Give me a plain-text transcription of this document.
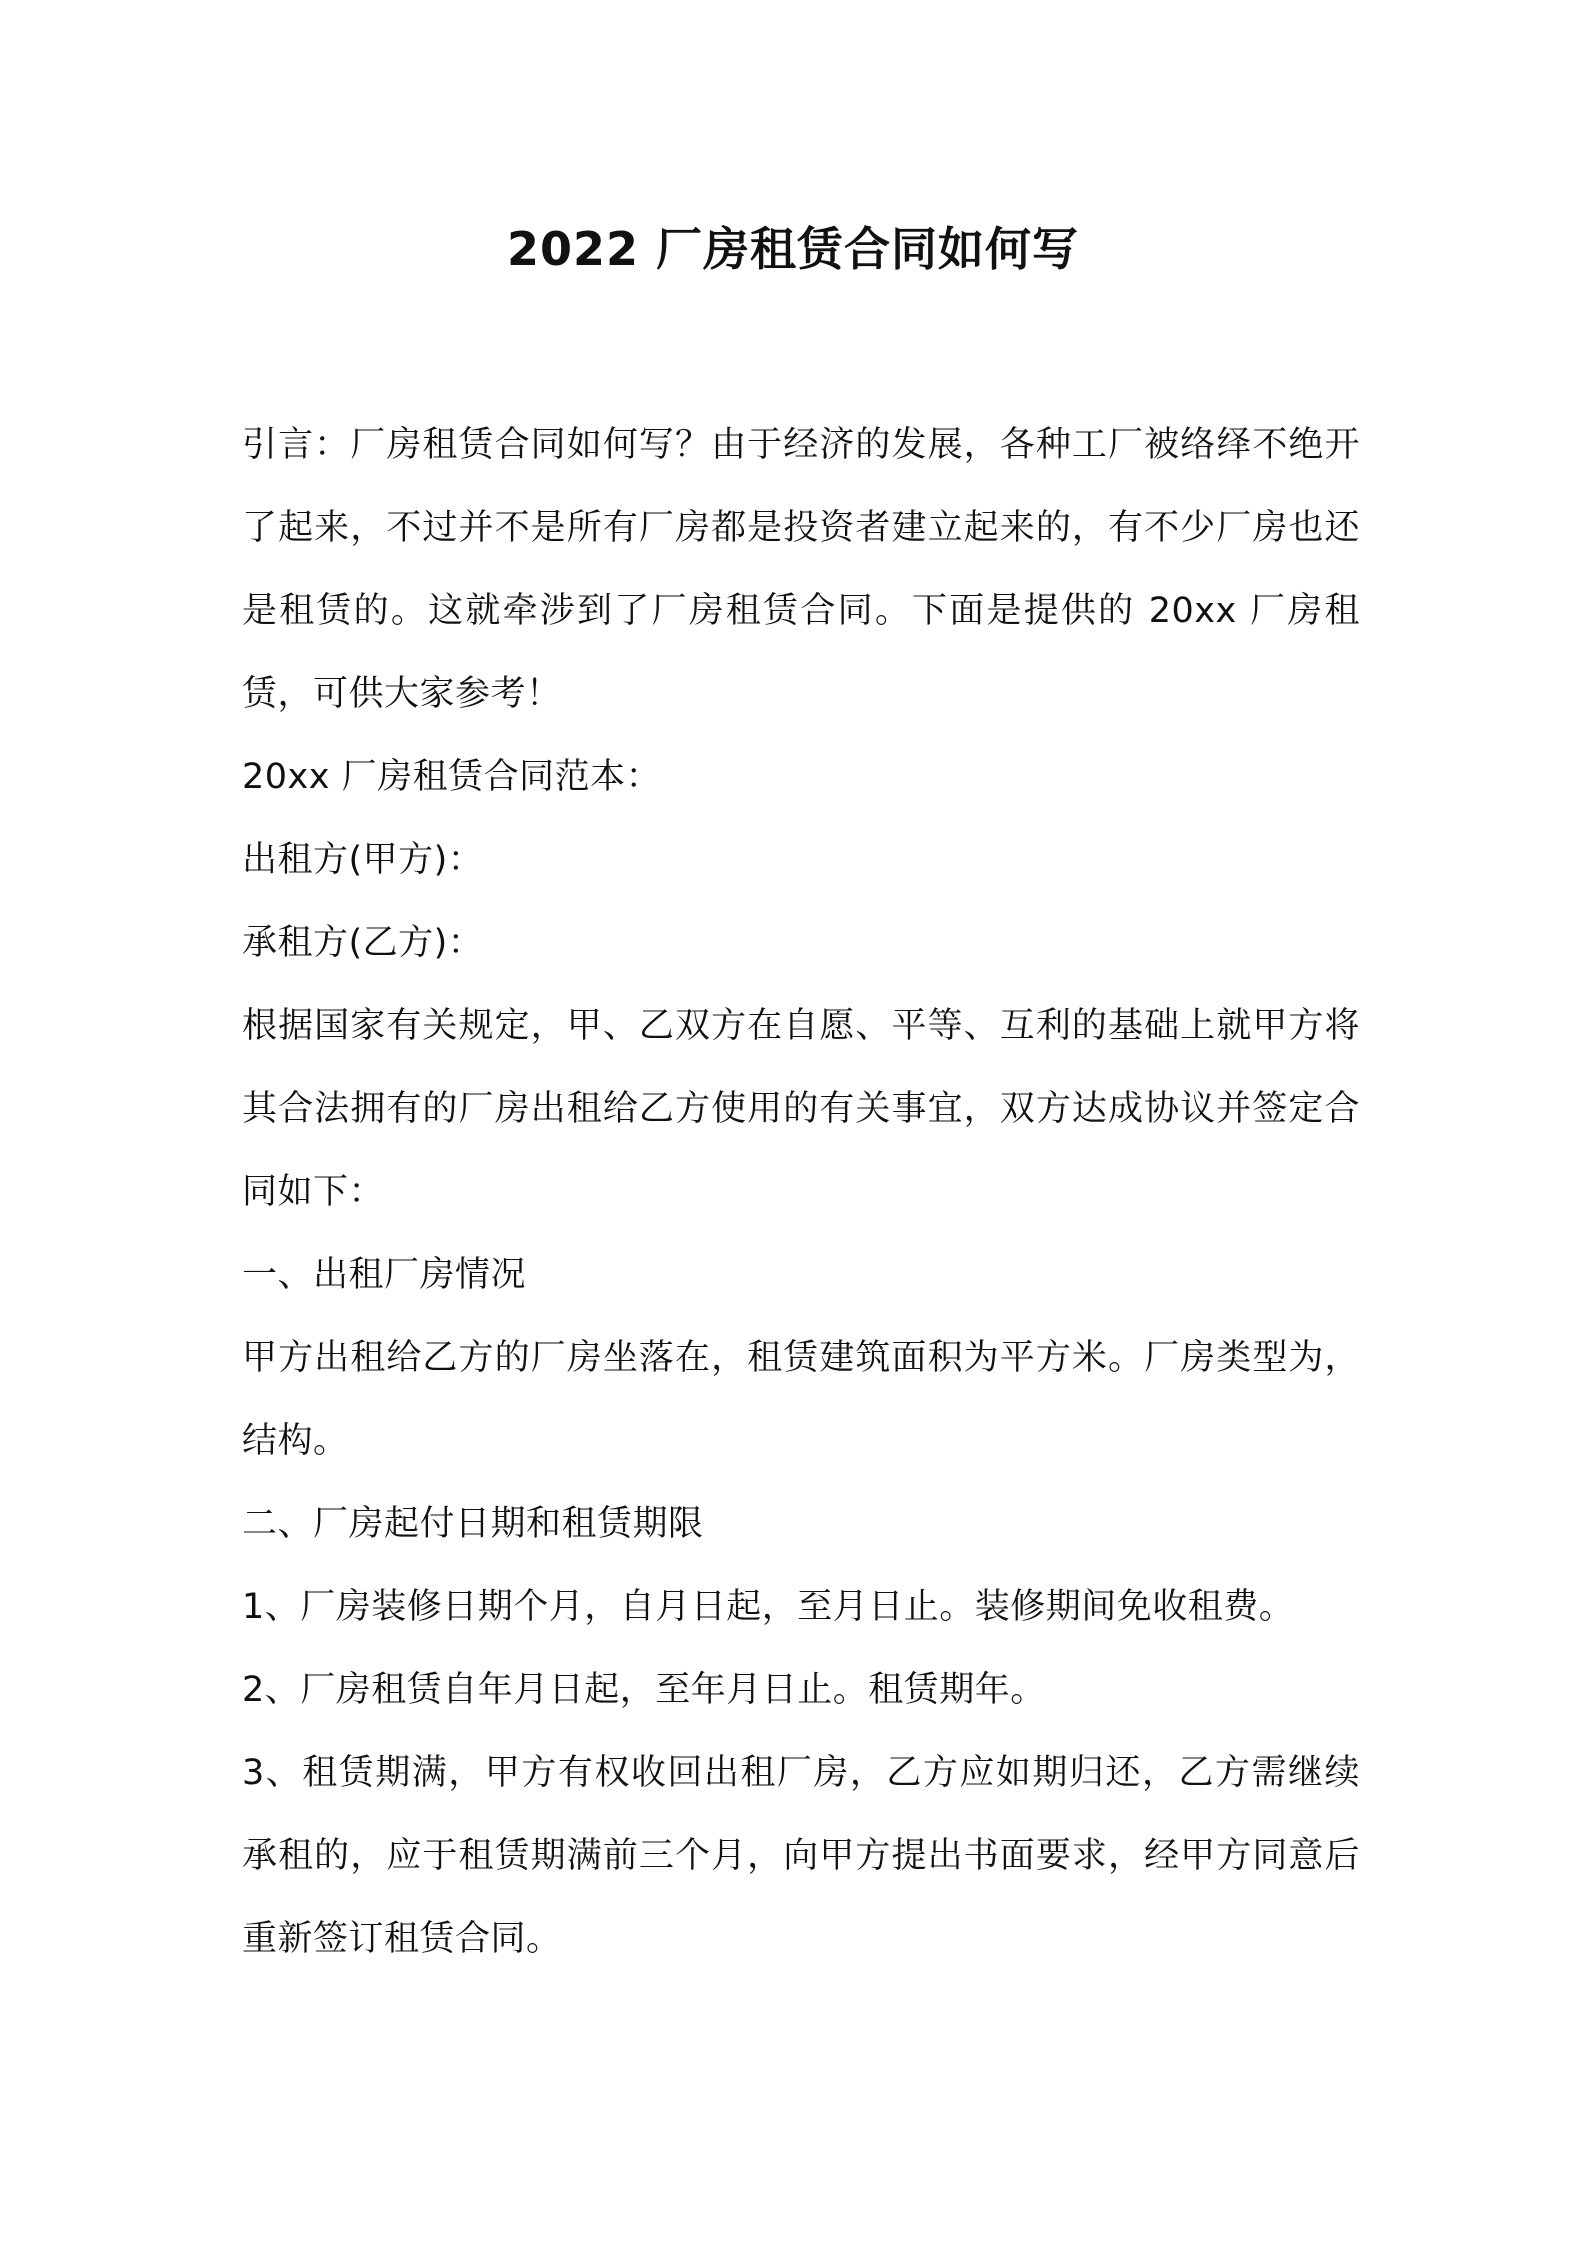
2022 厂房租赁合同如何写

引言：厂房租赁合同如何写？由于经济的发展，各种工厂被络绎不绝开了起来，不过并不是所有厂房都是投资者建立起来的，有不少厂房也还是租赁的。这就牵涉到了厂房租赁合同。下面是提供的 20xx 厂房租赁，可供大家参考！

20xx 厂房租赁合同范本：

出租方(甲方)：

承租方(乙方)：

根据国家有关规定，甲、乙双方在自愿、平等、互利的基础上就甲方将其合法拥有的厂房出租给乙方使用的有关事宜，双方达成协议并签定合同如下：

一、出租厂房情况

甲方出租给乙方的厂房坐落在，租赁建筑面积为平方米。厂房类型为，结构。

二、厂房起付日期和租赁期限

1、厂房装修日期个月，自月日起，至月日止。装修期间免收租费。

2、厂房租赁自年月日起，至年月日止。租赁期年。

3、租赁期满，甲方有权收回出租厂房，乙方应如期归还，乙方需继续承租的，应于租赁期满前三个月，向甲方提出书面要求，经甲方同意后重新签订租赁合同。
